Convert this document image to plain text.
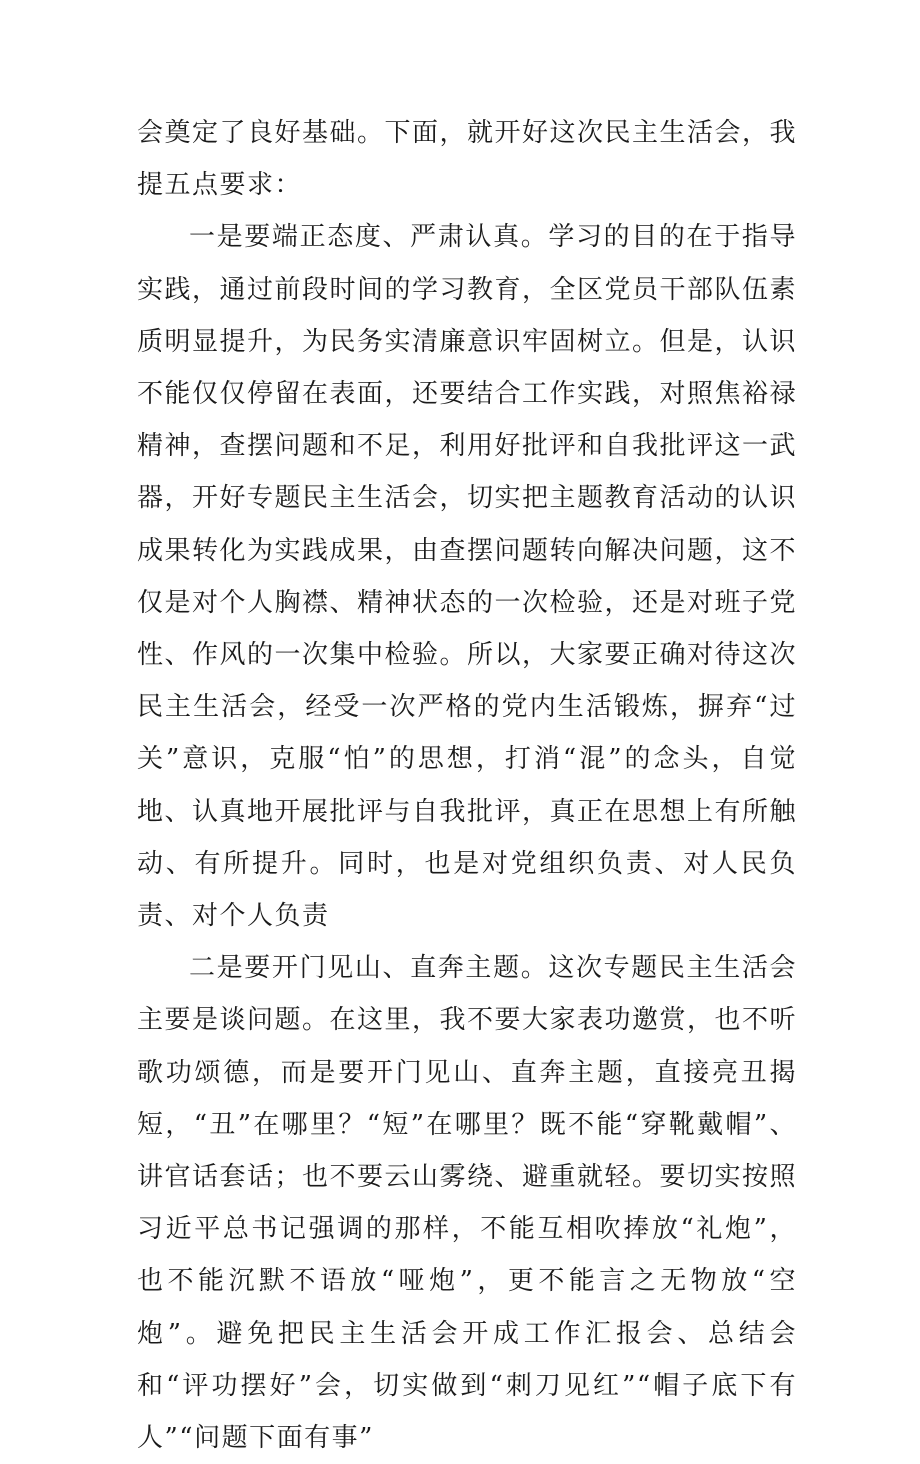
会奠定了良好基础。下面，就开好这次民主生活会，我提五点要求：

一是要端正态度、严肃认真。学习的目的在于指导实践，通过前段时间的学习教育，全区党员干部队伍素质明显提升，为民务实清廉意识牢固树立。但是，认识不能仅仅停留在表面，还要结合工作实践，对照焦裕禄精神，查摆问题和不足，利用好批评和自我批评这一武器，开好专题民主生活会，切实把主题教育活动的认识成果转化为实践成果，由查摆问题转向解决问题，这不仅是对个人胸襟、精神状态的一次检验，还是对班子党性、作风的一次集中检验。所以，大家要正确对待这次民主生活会，经受一次严格的党内生活锻炼，摒弃“过关”意识，克服“怕”的思想，打消“混”的念头，自觉地、认真地开展批评与自我批评，真正在思想上有所触动、有所提升。同时，也是对党组织负责、对人民负责、对个人负责

二是要开门见山、直奔主题。这次专题民主生活会主要是谈问题。在这里，我不要大家表功邀赏，也不听歌功颂德，而是要开门见山、直奔主题，直接亮丑揭短，“丑”在哪里？“短”在哪里？既不能“穿靴戴帽”、讲官话套话；也不要云山雾绕、避重就轻。要切实按照习近平总书记强调的那样，不能互相吹捧放“礼炮”，也不能沉默不语放“哑炮”，更不能言之无物放“空炮”。避免把民主生活会开成工作汇报会、总结会和“评功摆好”会，切实做到“刺刀见红”“帽子底下有人”“问题下面有事”
